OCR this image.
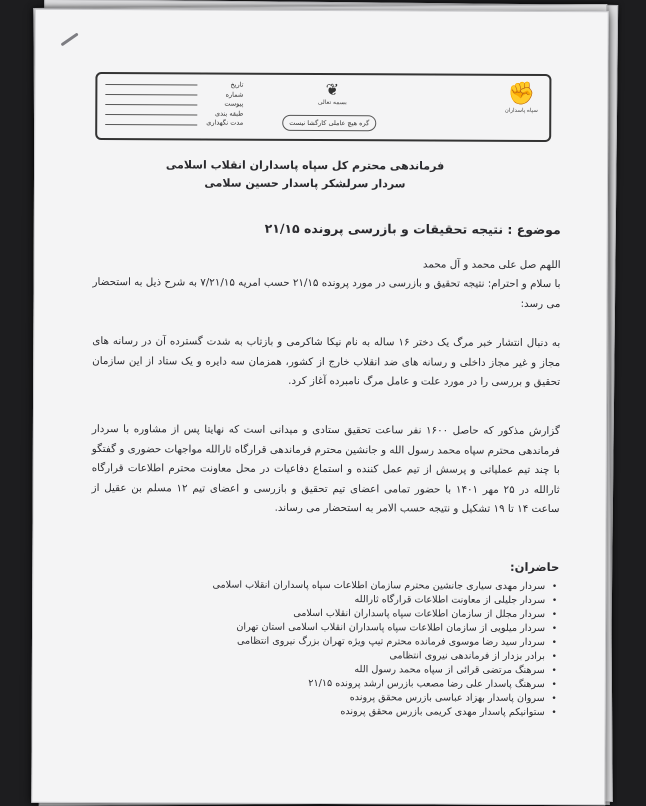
تاریخ
شماره
پیوست
طبقه بندی
مدت نگهداری
❦
بسمه تعالی
گره هیچ عاملی کارگشا نیست
✊
سپاه پاسداران
فرماندهی محترم کل سپاه پاسداران انقلاب اسلامی
سردار سرلشکر پاسدار حسین سلامی
موضوع : نتیجه تحقیقات و بازرسی پرونده ۲۱/۱۵
اللهم صل علی محمد و آل محمد
با سلام و احترام: نتیجه تحقیق و بازرسی در مورد پرونده ۲۱/۱۵ حسب امریه ۷/۲۱/۱۵ به شرح ذیل به استحضار می رسد:
به دنبال انتشار خبر مرگ یک دختر ۱۶ ساله به نام نیکا شاکرمی و بازتاب به شدت گسترده آن در رسانه های مجاز و غیر مجاز داخلی و رسانه های ضد انقلاب خارج از کشور، همزمان سه دایره و یک ستاد از این سازمان تحقیق و بررسی را در مورد علت و عامل مرگ نامبرده آغاز کرد.
گزارش مذکور که حاصل ۱۶۰۰ نفر ساعت تحقیق ستادی و میدانی است که نهایتا پس از مشاوره با سردار فرماندهی محترم سپاه محمد رسول الله و جانشین محترم فرماندهی قرارگاه ثارالله مواجهات حضوری و گفتگو با چند تیم عملیاتی و پرسش از تیم عمل کننده و استماع دفاعیات در محل معاونت محترم اطلاعات قرارگاه ثارالله در ۲۵ مهر ۱۴۰۱ با حضور تمامی اعضای تیم تحقیق و بازرسی و اعضای تیم ۱۲ مسلم بن عقیل از ساعت ۱۴ تا ۱۹ تشکیل و نتیجه حسب الامر به استحضار می رساند.
حاضران:
• سردار مهدی سیاری جانشین محترم سازمان اطلاعات سپاه پاسداران انقلاب اسلامی
• سردار جلیلی از معاونت اطلاعات قرارگاه ثارالله
• سردار مجلل از سازمان اطلاعات سپاه پاسداران انقلاب اسلامی
• سردار میلویی از سازمان اطلاعات سپاه پاسداران انقلاب اسلامی استان تهران
• سردار سید رضا موسوی فرمانده محترم تیپ ویژه تهران بزرگ نیروی انتظامی
• برادر بزدار از فرماندهی نیروی انتظامی
• سرهنگ مرتضی قرائی از سپاه محمد رسول الله
• سرهنگ پاسدار علی رضا مصعب بازرس ارشد پرونده ۲۱/۱۵
• سروان پاسدار بهزاد عباسی بازرس محقق پرونده
• ستوانیکم پاسدار مهدی کریمی بازرس محقق پرونده
